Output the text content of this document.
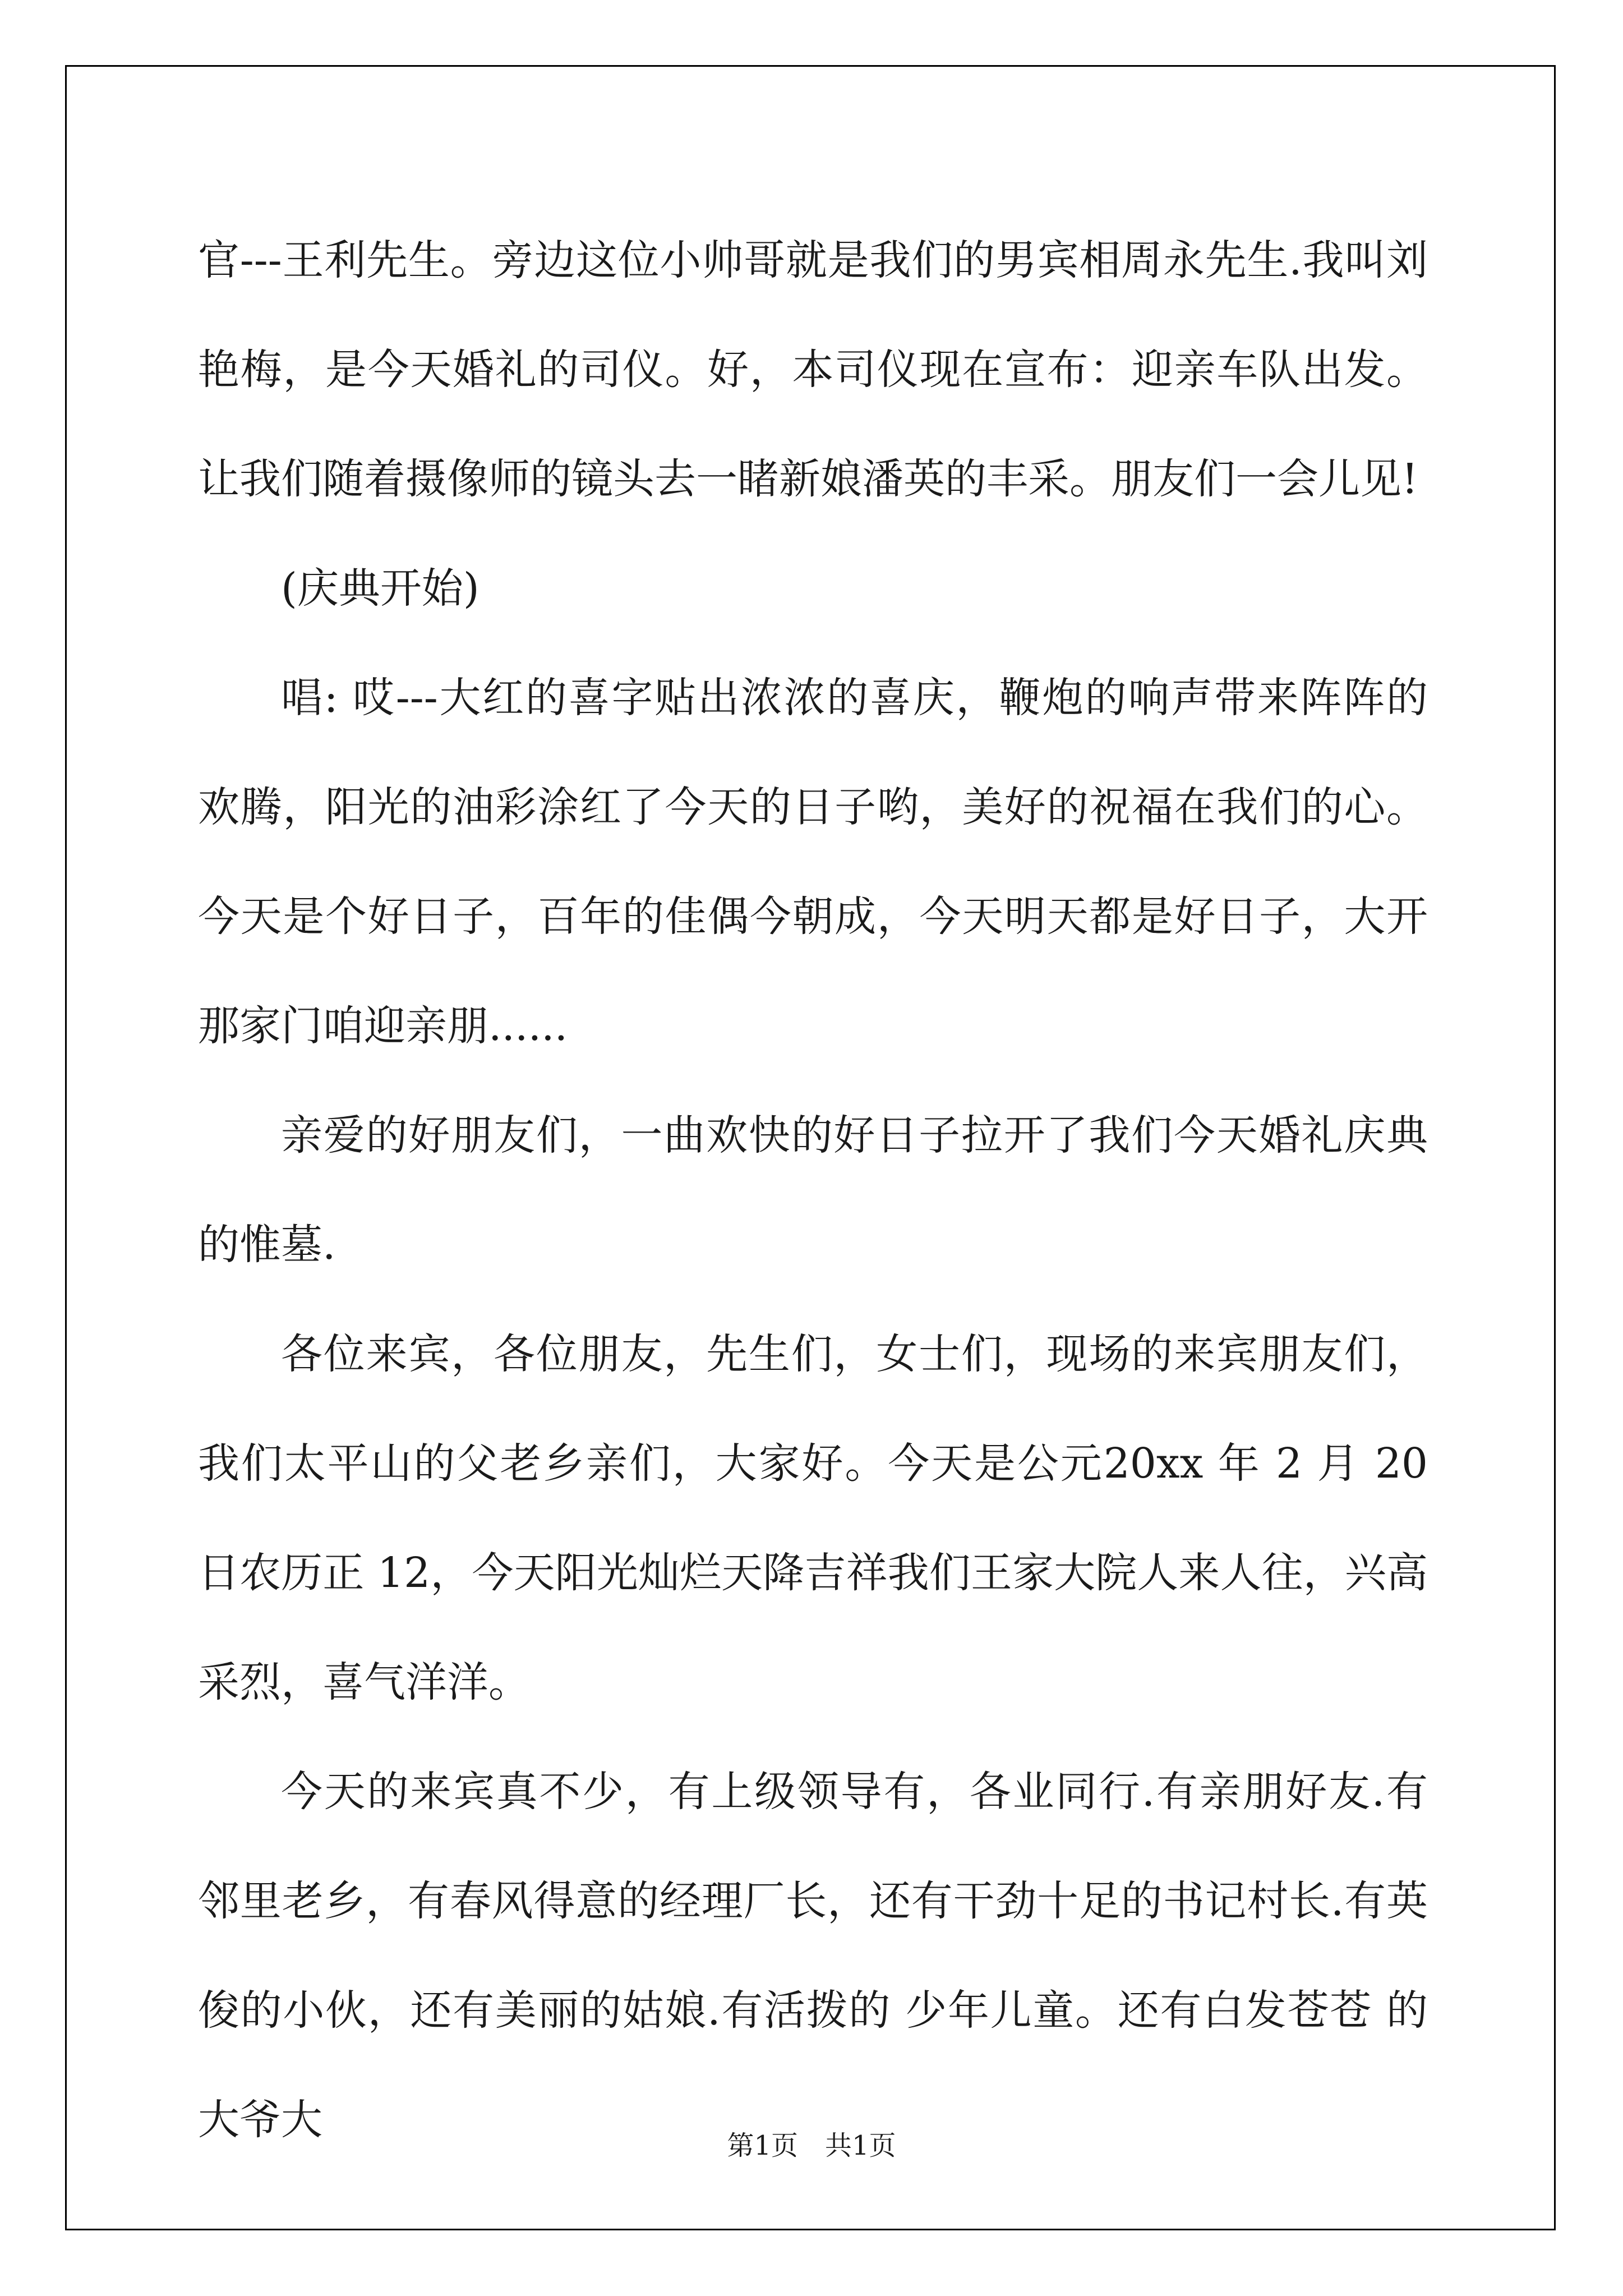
官---王利先生。旁边这位小帅哥就是我们的男宾相周永先生.我叫刘艳梅，是今天婚礼的司仪。好，本司仪现在宣布：迎亲车队出发。让我们随着摄像师的镜头去一睹新娘潘英的丰采。朋友们一会儿见!

(庆典开始)

唱: 哎---大红的喜字贴出浓浓的喜庆，鞭炮的响声带来阵阵的欢腾，阳光的油彩涂红了今天的日子哟，美好的祝福在我们的心。今天是个好日子，百年的佳偶今朝成，今天明天都是好日子，大开那家门咱迎亲朋......

亲爱的好朋友们，一曲欢快的好日子拉开了我们今天婚礼庆典的惟墓.

各位来宾，各位朋友，先生们，女士们，现场的来宾朋友们，我们太平山的父老乡亲们，大家好。今天是公元20xx 年 2 月 20 日农历正 12，今天阳光灿烂天降吉祥我们王家大院人来人往，兴高采烈，喜气洋洋。

今天的来宾真不少，有上级领导有，各业同行.有亲朋好友.有邻里老乡，有春风得意的经理厂长，还有干劲十足的书记村长.有英俊的小伙，还有美丽的姑娘.有活拨的 少年儿童。还有白发苍苍 的大爷大

第1页　共1页
